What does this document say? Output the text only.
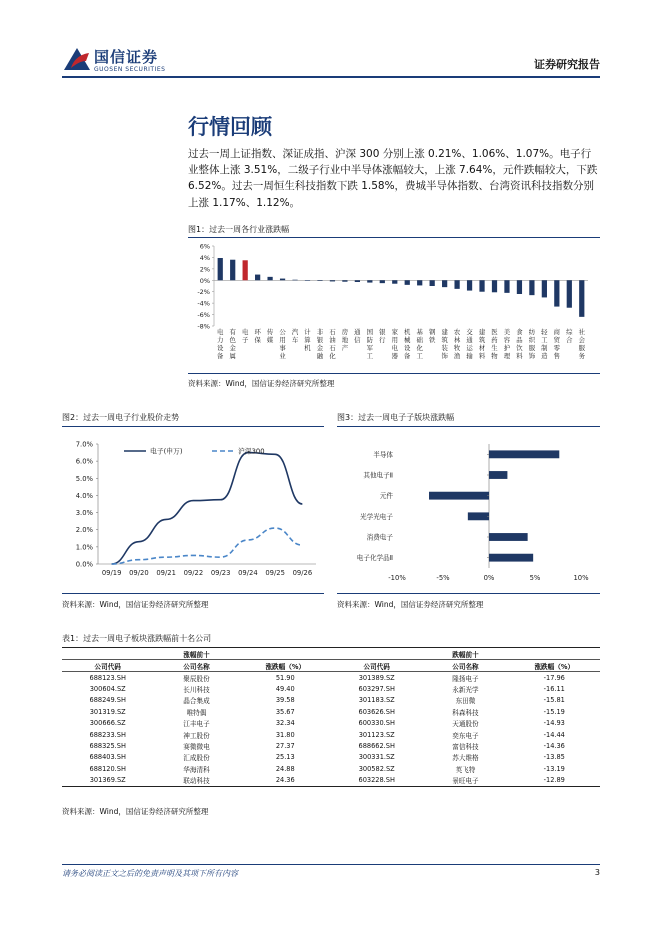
国信证券
GUOSEN SECURITIES	证券研究报告
行情回顾
过去一周上证指数、深证成指、沪深 300 分别上涨 0.21%、1.06%、1.07%。电子行业整体上涨 3.51%，二级子行业中半导体涨幅较大，上涨 7.64%，元件跌幅较大，下跌 6.52%。过去一周恒生科技指数下跌 1.58%，费城半导体指数、台湾资讯科技指数分别上涨 1.17%、1.12%。
图1：过去一周各行业涨跌幅
6%
4%
2%
0%
-2%
-4%
-6%
-8%
电力设备
有色金属
电子
环保
传媒
公用事业
汽车
计算机
非银金融
石油石化
房地产
通信
国防军工
银行
家用电器
机械设备
基础化工
钢铁
建筑装饰
农林牧渔
交通运输
建筑材料
医药生物
美容护理
食品饮料
纺织服饰
轻工制造
商贸零售
综合
社会服务
资料来源：Wind，国信证券经济研究所整理
图2：过去一周电子行业股价走势
7.0%
6.0%
5.0%
4.0%
3.0%
2.0%
1.0%
0.0%
09/19 09/20 09/21 09/22 09/23 09/24 09/25 09/26
电子(申万)	沪深300
资料来源：Wind，国信证券经济研究所整理
图3：过去一周电子子版块涨跌幅
-10%	-5%	0%	5%	10%
半导体
其他电子Ⅱ
元件
光学光电子
消费电子
电子化学品Ⅱ
资料来源：Wind，国信证券经济研究所整理
表1：过去一周电子板块涨跌幅前十名公司
涨幅前十			跌幅前十		
公司代码	公司名称	涨跌幅（%）	公司代码	公司名称	涨跌幅（%）
688123.SH	聚辰股份	51.90	301389.SZ	隆扬电子	-17.96
300604.SZ	长川科技	49.40	603297.SH	永新光学	-16.11
688249.SH	晶合集成	39.58	301183.SZ	东田微	-15.81
301319.SZ	唯特偶	35.67	603626.SH	科森科技	-15.19
300666.SZ	江丰电子	32.34	600330.SH	天通股份	-14.93
688233.SH	神工股份	31.80	301123.SZ	奕东电子	-14.44
688325.SH	赛微微电	27.37	688662.SH	富信科技	-14.36
688403.SH	汇成股份	25.13	300331.SZ	苏大维格	-13.85
688120.SH	华海清科	24.88	300582.SZ	英飞特	-13.19
301369.SZ	联动科技	24.36	603228.SH	景旺电子	-12.89
资料来源：Wind，国信证券经济研究所整理
请务必阅读正文之后的免责声明及其项下所有内容	3
